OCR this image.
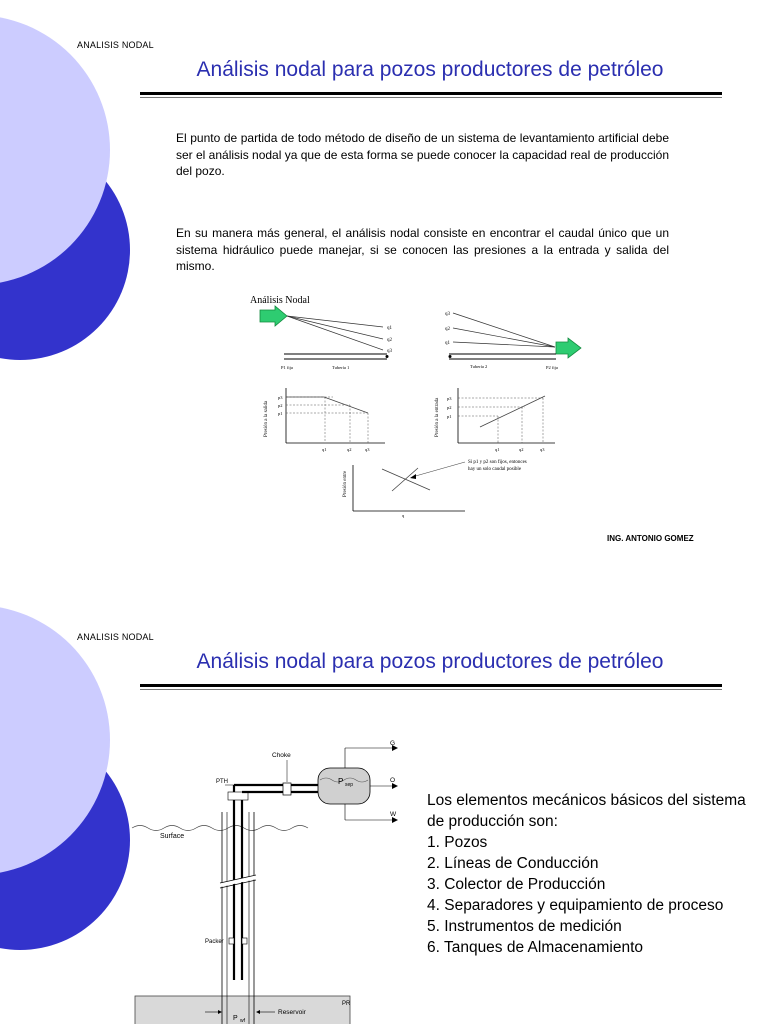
ANALISIS NODAL
Análisis nodal para pozos productores de petróleo
El punto de partida de todo método de diseño de un sistema de levantamiento artificial debe ser el análisis nodal ya que de esta forma se puede conocer la capacidad real de producción del pozo.
En su manera más general, el análisis nodal consiste en encontrar el caudal único que un sistema hidráulico puede manejar, si se conocen las presiones a la entrada y salida del mismo.
Análisis Nodal
q1
q2
q3
P1 fija	Tubería 1
q3
q2
q1
Tubería 2	P2 fija
p3
p2
p1
q1	q2	q3
Presión a la salida
p3
p2
p1
q1	q2	q3
Presión a la entrada
Presión entre
q
Si p1 y p2 son fijos, entonces
hay un solo caudal posible
ING. ANTONIO GOMEZ
ANALISIS NODAL
Análisis nodal para pozos productores de petróleo
Surface
Packer
PTH
Choke
P sep
G
O
W
PR
P wf
Reservoir
Los elementos mecánicos básicos del sistema de producción son:
1. Pozos
2. Líneas de Conducción
3. Colector de Producción
4. Separadores y equipamiento de proceso
5. Instrumentos de medición
6. Tanques de Almacenamiento
